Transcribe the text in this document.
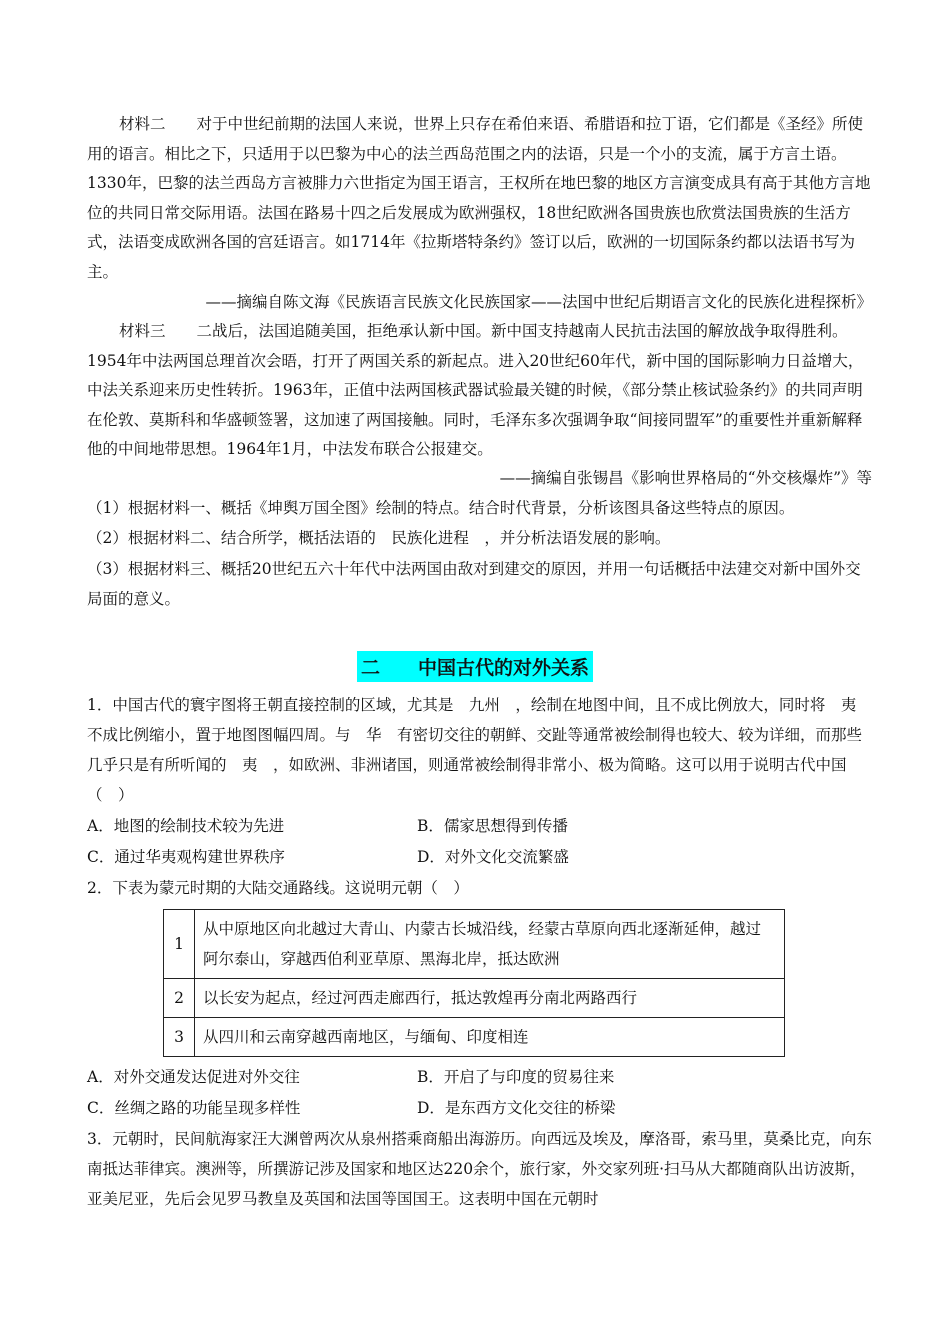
材料二　　对于中世纪前期的法国人来说，世界上只存在希伯来语、希腊语和拉丁语，它们都是《圣经》所使用的语言。相比之下，只适用于以巴黎为中心的法兰西岛范围之内的法语，只是一个小的支流，属于方言土语。1330年，巴黎的法兰西岛方言被腓力六世指定为国王语言，王权所在地巴黎的地区方言演变成具有高于其他方言地位的共同日常交际用语。法国在路易十四之后发展成为欧洲强权，18世纪欧洲各国贵族也欣赏法国贵族的生活方式，法语变成欧洲各国的宫廷语言。如1714年《拉斯塔特条约》签订以后，欧洲的一切国际条约都以法语书写为主。
——摘编自陈文海《民族语言民族文化民族国家——法国中世纪后期语言文化的民族化进程探析》
材料三　　二战后，法国追随美国，拒绝承认新中国。新中国支持越南人民抗击法国的解放战争取得胜利。1954年中法两国总理首次会晤，打开了两国关系的新起点。进入20世纪60年代，新中国的国际影响力日益增大，中法关系迎来历史性转折。1963年，正值中法两国核武器试验最关键的时候，《部分禁止核试验条约》的共同声明在伦敦、莫斯科和华盛顿签署，这加速了两国接触。同时，毛泽东多次强调争取“间接同盟军”的重要性并重新解释他的中间地带思想。1964年1月，中法发布联合公报建交。
——摘编自张锡昌《影响世界格局的“外交核爆炸”》等
（1）根据材料一、概括《坤舆万国全图》绘制的特点。结合时代背景，分析该图具备这些特点的原因。
（2）根据材料二、结合所学，概括法语的　民族化进程　，并分析法语发展的影响。
（3）根据材料三、概括20世纪五六十年代中法两国由敌对到建交的原因，并用一句话概括中法建交对新中国外交局面的意义。
二　　中国古代的对外关系
1．中国古代的寰宇图将王朝直接控制的区域，尤其是　九州　，绘制在地图中间，且不成比例放大，同时将　夷　不成比例缩小，置于地图图幅四周。与　华　有密切交往的朝鲜、交趾等通常被绘制得也较大、较为详细，而那些几乎只是有所听闻的　夷　，如欧洲、非洲诸国，则通常被绘制得非常小、极为简略。这可以用于说明古代中国（　）
A．地图的绘制技术较为先进	B．儒家思想得到传播
C．通过华夷观构建世界秩序	D．对外文化交流繁盛
2．下表为蒙元时期的大陆交通路线。这说明元朝（　）
1	从中原地区向北越过大青山、内蒙古长城沿线，经蒙古草原向西北逐渐延伸，越过阿尔泰山，穿越西伯利亚草原、黑海北岸，抵达欧洲
2	以长安为起点，经过河西走廊西行，抵达敦煌再分南北两路西行
3	从四川和云南穿越西南地区，与缅甸、印度相连
A．对外交通发达促进对外交往	B．开启了与印度的贸易往来
C．丝绸之路的功能呈现多样性	D．是东西方文化交往的桥梁
3．元朝时，民间航海家汪大渊曾两次从泉州搭乘商船出海游历。向西远及埃及，摩洛哥，索马里，莫桑比克，向东南抵达菲律宾。澳洲等，所撰游记涉及国家和地区达220余个，旅行家，外交家列班·扫马从大都随商队出访波斯，亚美尼亚，先后会见罗马教皇及英国和法国等国国王。这表明中国在元朝时
